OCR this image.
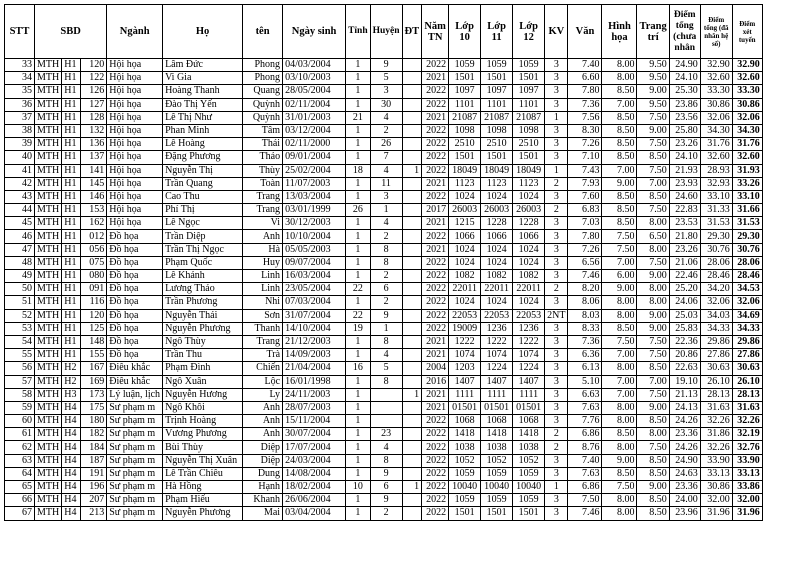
STT	SBD			Ngành	Họ	tên	Ngày sinh	Tỉnh	Huyện	ĐT	Năm TN	Lớp 10	Lớp 11	Lớp 12	KV	Văn	Hình họa	Trang trí	Điểm tổng (chưa nhân	Điểm tổng (đã nhân hệ số)	Điểm xét tuyển
33	MTH	H1	120	Hội họa	Lâm Đức	Phong	04/03/2004	1	9		2022	1059	1059	1059	3	7.40	8.00	9.50	24.90	32.90	32.90
34	MTH	H1	122	Hội họa	Vi Gia	Phong	03/10/2003	1	5		2021	1501	1501	1501	3	6.60	8.00	9.50	24.10	32.60	32.60
35	MTH	H1	126	Hội họa	Hoàng Thanh	Quang	28/05/2004	1	3		2022	1097	1097	1097	3	7.80	8.50	9.00	25.30	33.30	33.30
36	MTH	H1	127	Hội họa	Đào Thị Yến	Quỳnh	02/11/2004	1	30		2022	1101	1101	1101	3	7.36	7.00	9.50	23.86	30.86	30.86
37	MTH	H1	128	Hội họa	Lê Thị Như	Quỳnh	31/01/2003	21	4		2021	21087	21087	21087	1	7.56	8.50	7.50	23.56	32.06	32.06
38	MTH	H1	132	Hội họa	Phan Minh	Tâm	03/12/2004	1	2		2022	1098	1098	1098	3	8.30	8.50	9.00	25.80	34.30	34.30
39	MTH	H1	136	Hội họa	Lê Hoàng	Thái	02/11/2000	1	26		2022	2510	2510	2510	3	7.26	8.50	7.50	23.26	31.76	31.76
40	MTH	H1	137	Hội họa	Đặng Phương	Thảo	09/01/2004	1	7		2022	1501	1501	1501	3	7.10	8.50	8.50	24.10	32.60	32.60
41	MTH	H1	141	Hội họa	Nguyễn Thị	Thùy	25/02/2004	18	4	1	2022	18049	18049	18049	1	7.43	7.00	7.50	21.93	28.93	31.93
42	MTH	H1	145	Hội họa	Trần Quang	Toàn	11/07/2003	1	11		2021	1123	1123	1123	2	7.93	9.00	7.00	23.93	32.93	33.26
43	MTH	H1	146	Hội họa	Cao Thu	Trang	13/03/2004	1	3		2022	1024	1024	1024	3	7.60	8.50	8.50	24.60	33.10	33.10
44	MTH	H1	153	Hội họa	Phí Thị	Trang	03/01/1999	26	1		2017	26003	26003	26003	2	6.83	8.50	7.50	22.83	31.33	31.66
45	MTH	H1	162	Hội họa	Lê Ngọc	Vi	30/12/2003	1	4		2021	1215	1228	1228	3	7.03	8.50	8.00	23.53	31.53	31.53
46	MTH	H1	012	Đồ họa	Trần Diệp	Anh	10/10/2004	1	2		2022	1066	1066	1066	3	7.80	7.50	6.50	21.80	29.30	29.30
47	MTH	H1	056	Đồ họa	Trần Thị Ngọc	Hà	05/05/2003	1	8		2021	1024	1024	1024	3	7.26	7.50	8.00	23.26	30.76	30.76
48	MTH	H1	075	Đồ họa	Phạm Quốc	Huy	09/07/2004	1	8		2022	1024	1024	1024	3	6.56	7.00	7.50	21.06	28.06	28.06
49	MTH	H1	080	Đồ họa	Lê Khánh	Linh	16/03/2004	1	2		2022	1082	1082	1082	3	7.46	6.00	9.00	22.46	28.46	28.46
50	MTH	H1	091	Đồ họa	Lương Thảo	Linh	23/05/2004	22	6		2022	22011	22011	22011	2	8.20	9.00	8.00	25.20	34.20	34.53
51	MTH	H1	116	Đồ họa	Trần Phương	Nhi	07/03/2004	1	2		2022	1024	1024	1024	3	8.06	8.00	8.00	24.06	32.06	32.06
52	MTH	H1	120	Đồ họa	Nguyễn Thái	Sơn	31/07/2004	22	9		2022	22053	22053	22053	2NT	8.03	8.00	9.00	25.03	34.03	34.69
53	MTH	H1	125	Đồ họa	Nguyễn Phương	Thanh	14/10/2004	19	1		2022	19009	1236	1236	3	8.33	8.50	9.00	25.83	34.33	34.33
54	MTH	H1	148	Đồ họa	Ngô Thùy	Trang	21/12/2003	1	8		2021	1222	1222	1222	3	7.36	7.50	7.50	22.36	29.86	29.86
55	MTH	H1	155	Đồ họa	Trần Thu	Trà	14/09/2003	1	4		2021	1074	1074	1074	3	6.36	7.00	7.50	20.86	27.86	27.86
56	MTH	H2	167	Điêu khắc	Phạm Đình	Chiến	21/04/2004	16	5		2004	1203	1224	1224	3	6.13	8.00	8.50	22.63	30.63	30.63
57	MTH	H2	169	Điêu khắc	Ngô Xuân	Lộc	16/01/1998	1	8		2016	1407	1407	1407	3	5.10	7.00	7.00	19.10	26.10	26.10
58	MTH	H3	173	Lý luận, lịch	Nguyễn Hương	Ly	24/11/2003	1		1	2021	1111	1111	1111	3	6.63	7.00	7.50	21.13	28.13	28.13
59	MTH	H4	175	Sư phạm m	Ngô Khôi	Anh	28/07/2003	1			2021	01501	01501	01501	3	7.63	8.00	9.00	24.13	31.63	31.63
60	MTH	H4	180	Sư phạm m	Trịnh Hoàng	Anh	15/11/2004	1			2022	1068	1068	1068	3	7.76	8.00	8.50	24.26	32.26	32.26
61	MTH	H4	182	Sư phạm m	Vương Phương	Anh	30/07/2004	1	23		2022	1418	1418	1418	2	6.86	8.50	8.00	23.36	31.86	32.19
62	MTH	H4	184	Sư phạm m	Bùi Thùy	Diệp	17/07/2004	1	4		2022	1038	1038	1038	2	8.76	8.00	7.50	24.26	32.26	32.76
63	MTH	H4	187	Sư phạm m	Nguyễn Thị Xuân	Diệp	24/03/2004	1	8		2022	1052	1052	1052	3	7.40	9.00	8.50	24.90	33.90	33.90
64	MTH	H4	191	Sư phạm m	Lê Trần Chiêu	Dung	14/08/2004	1	9		2022	1059	1059	1059	3	7.63	8.50	8.50	24.63	33.13	33.13
65	MTH	H4	196	Sư phạm m	Hà Hồng	Hạnh	18/02/2004	10	6	1	2022	10040	10040	10040	1	6.86	7.50	9.00	23.36	30.86	33.86
66	MTH	H4	207	Sư phạm m	Phạm Hiếu	Khanh	26/06/2004	1	9		2022	1059	1059	1059	3	7.50	8.00	8.50	24.00	32.00	32.00
67	MTH	H4	213	Sư phạm m	Nguyễn Phương	Mai	03/04/2004	1	2		2022	1501	1501	1501	3	7.46	8.00	8.50	23.96	31.96	31.96
